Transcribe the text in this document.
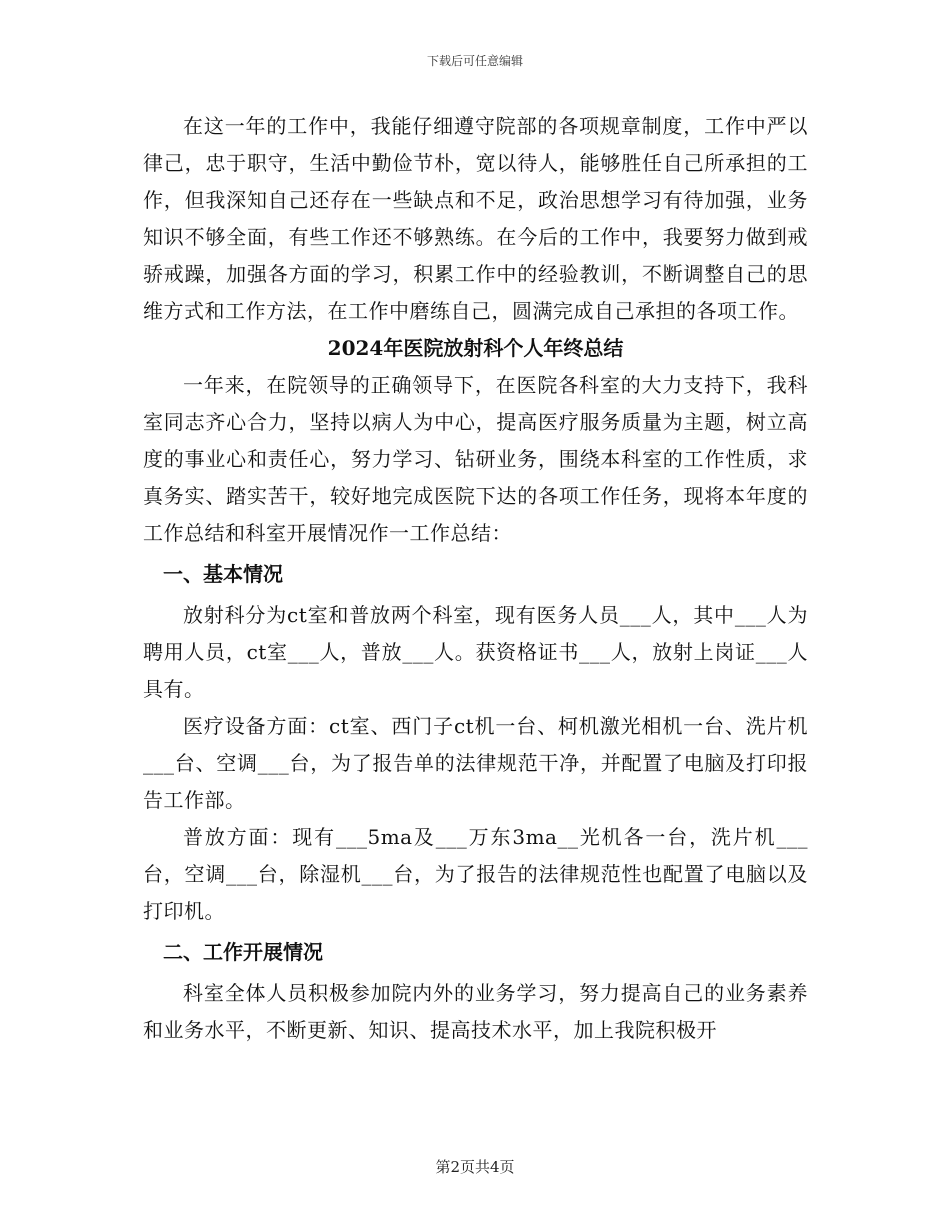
下载后可任意编辑

在这一年的工作中，我能仔细遵守院部的各项规章制度，工作中严以律己，忠于职守，生活中勤俭节朴，宽以待人，能够胜任自己所承担的工作，但我深知自己还存在一些缺点和不足，政治思想学习有待加强，业务知识不够全面，有些工作还不够熟练。在今后的工作中，我要努力做到戒骄戒躁，加强各方面的学习，积累工作中的经验教训，不断调整自己的思维方式和工作方法，在工作中磨练自己，圆满完成自己承担的各项工作。

2024年医院放射科个人年终总结

一年来，在院领导的正确领导下，在医院各科室的大力支持下，我科室同志齐心合力，坚持以病人为中心，提高医疗服务质量为主题，树立高度的事业心和责任心，努力学习、钻研业务，围绕本科室的工作性质，求真务实、踏实苦干，较好地完成医院下达的各项工作任务，现将本年度的工作总结和科室开展情况作一工作总结：

一、基本情况

放射科分为ct室和普放两个科室，现有医务人员___人，其中___人为聘用人员，ct室___人，普放___人。获资格证书___人，放射上岗证___人具有。

医疗设备方面：ct室、西门子ct机一台、柯机激光相机一台、洗片机___台、空调___台，为了报告单的法律规范干净，并配置了电脑及打印报告工作部。

普放方面：现有___5ma及___万东3ma__光机各一台，洗片机___台，空调___台，除湿机___台，为了报告的法律规范性也配置了电脑以及打印机。

二、工作开展情况

科室全体人员积极参加院内外的业务学习，努力提高自己的业务素养和业务水平，不断更新、知识、提高技术水平，加上我院积极开

第2页共4页
